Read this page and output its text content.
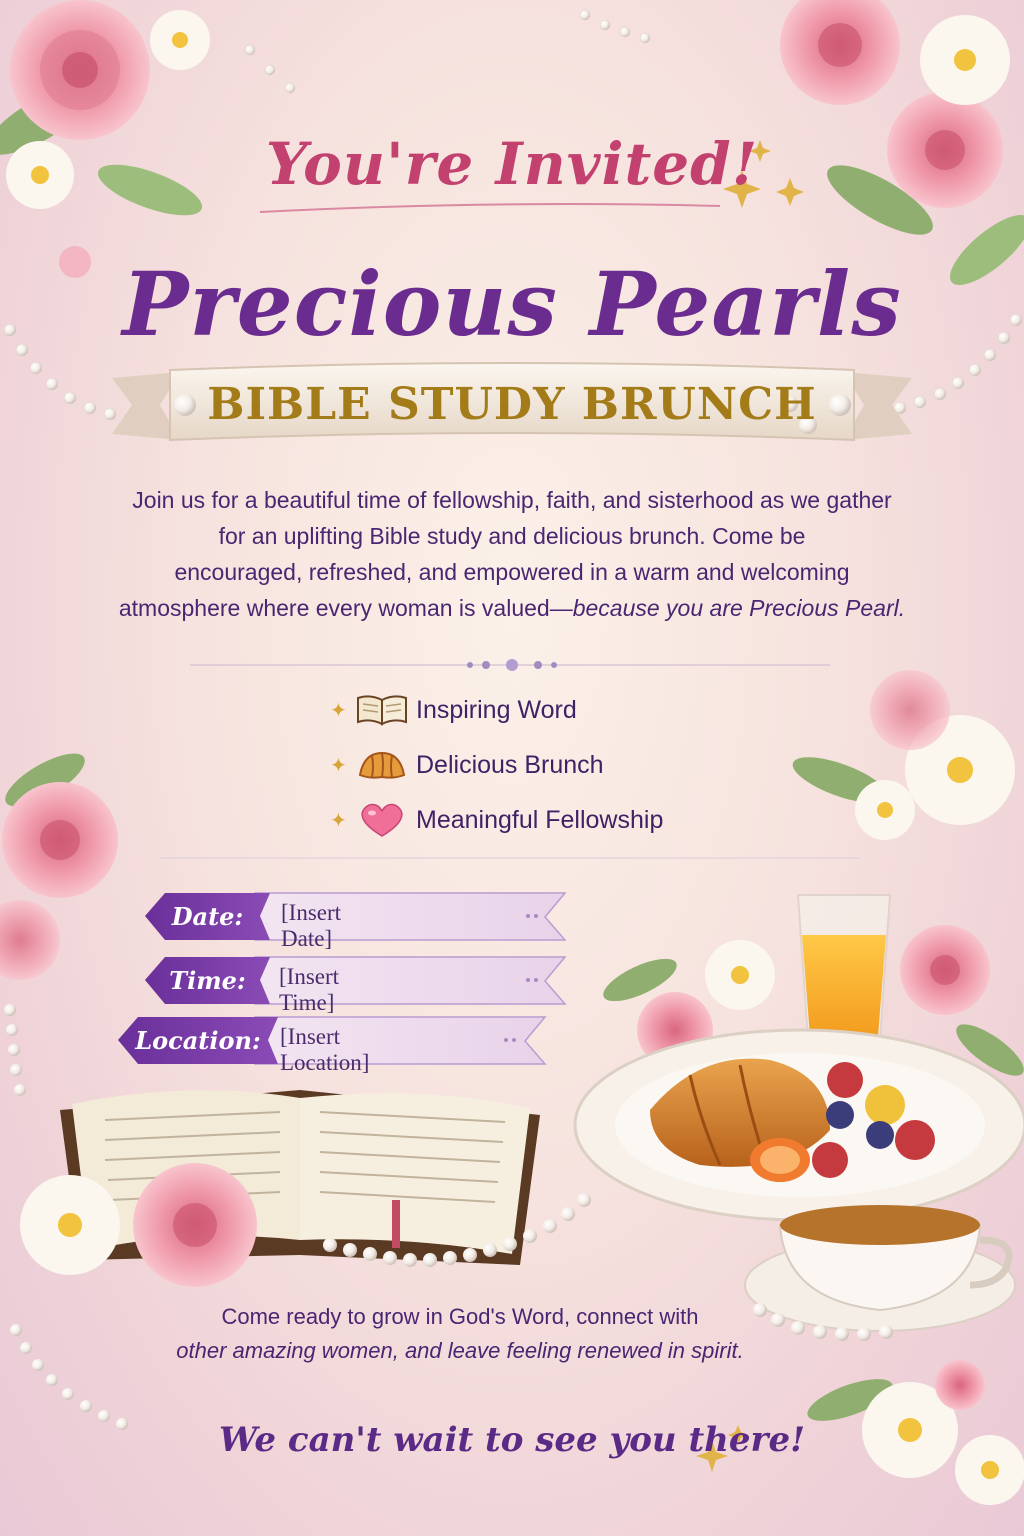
You're Invited!
Precious Pearls
BIBLE STUDY BRUNCH

Join us for a beautiful time of fellowship, faith, and sisterhood as we gather

for an uplifting Bible study and delicious brunch. Come be

encouraged, refreshed, and empowered in a warm and welcoming

atmosphere where every woman is valued—because you are Precious Pearl.

✦	Inspiring Word
✦	Delicious Brunch
✦	Meaningful Fellowship
Date:	[Insert Date]
Time:	[Insert Time]
Location: [Insert Location]

Come ready to grow in God's Word, connect with

other amazing women, and leave feeling renewed in spirit.

We can't wait to see you there!
